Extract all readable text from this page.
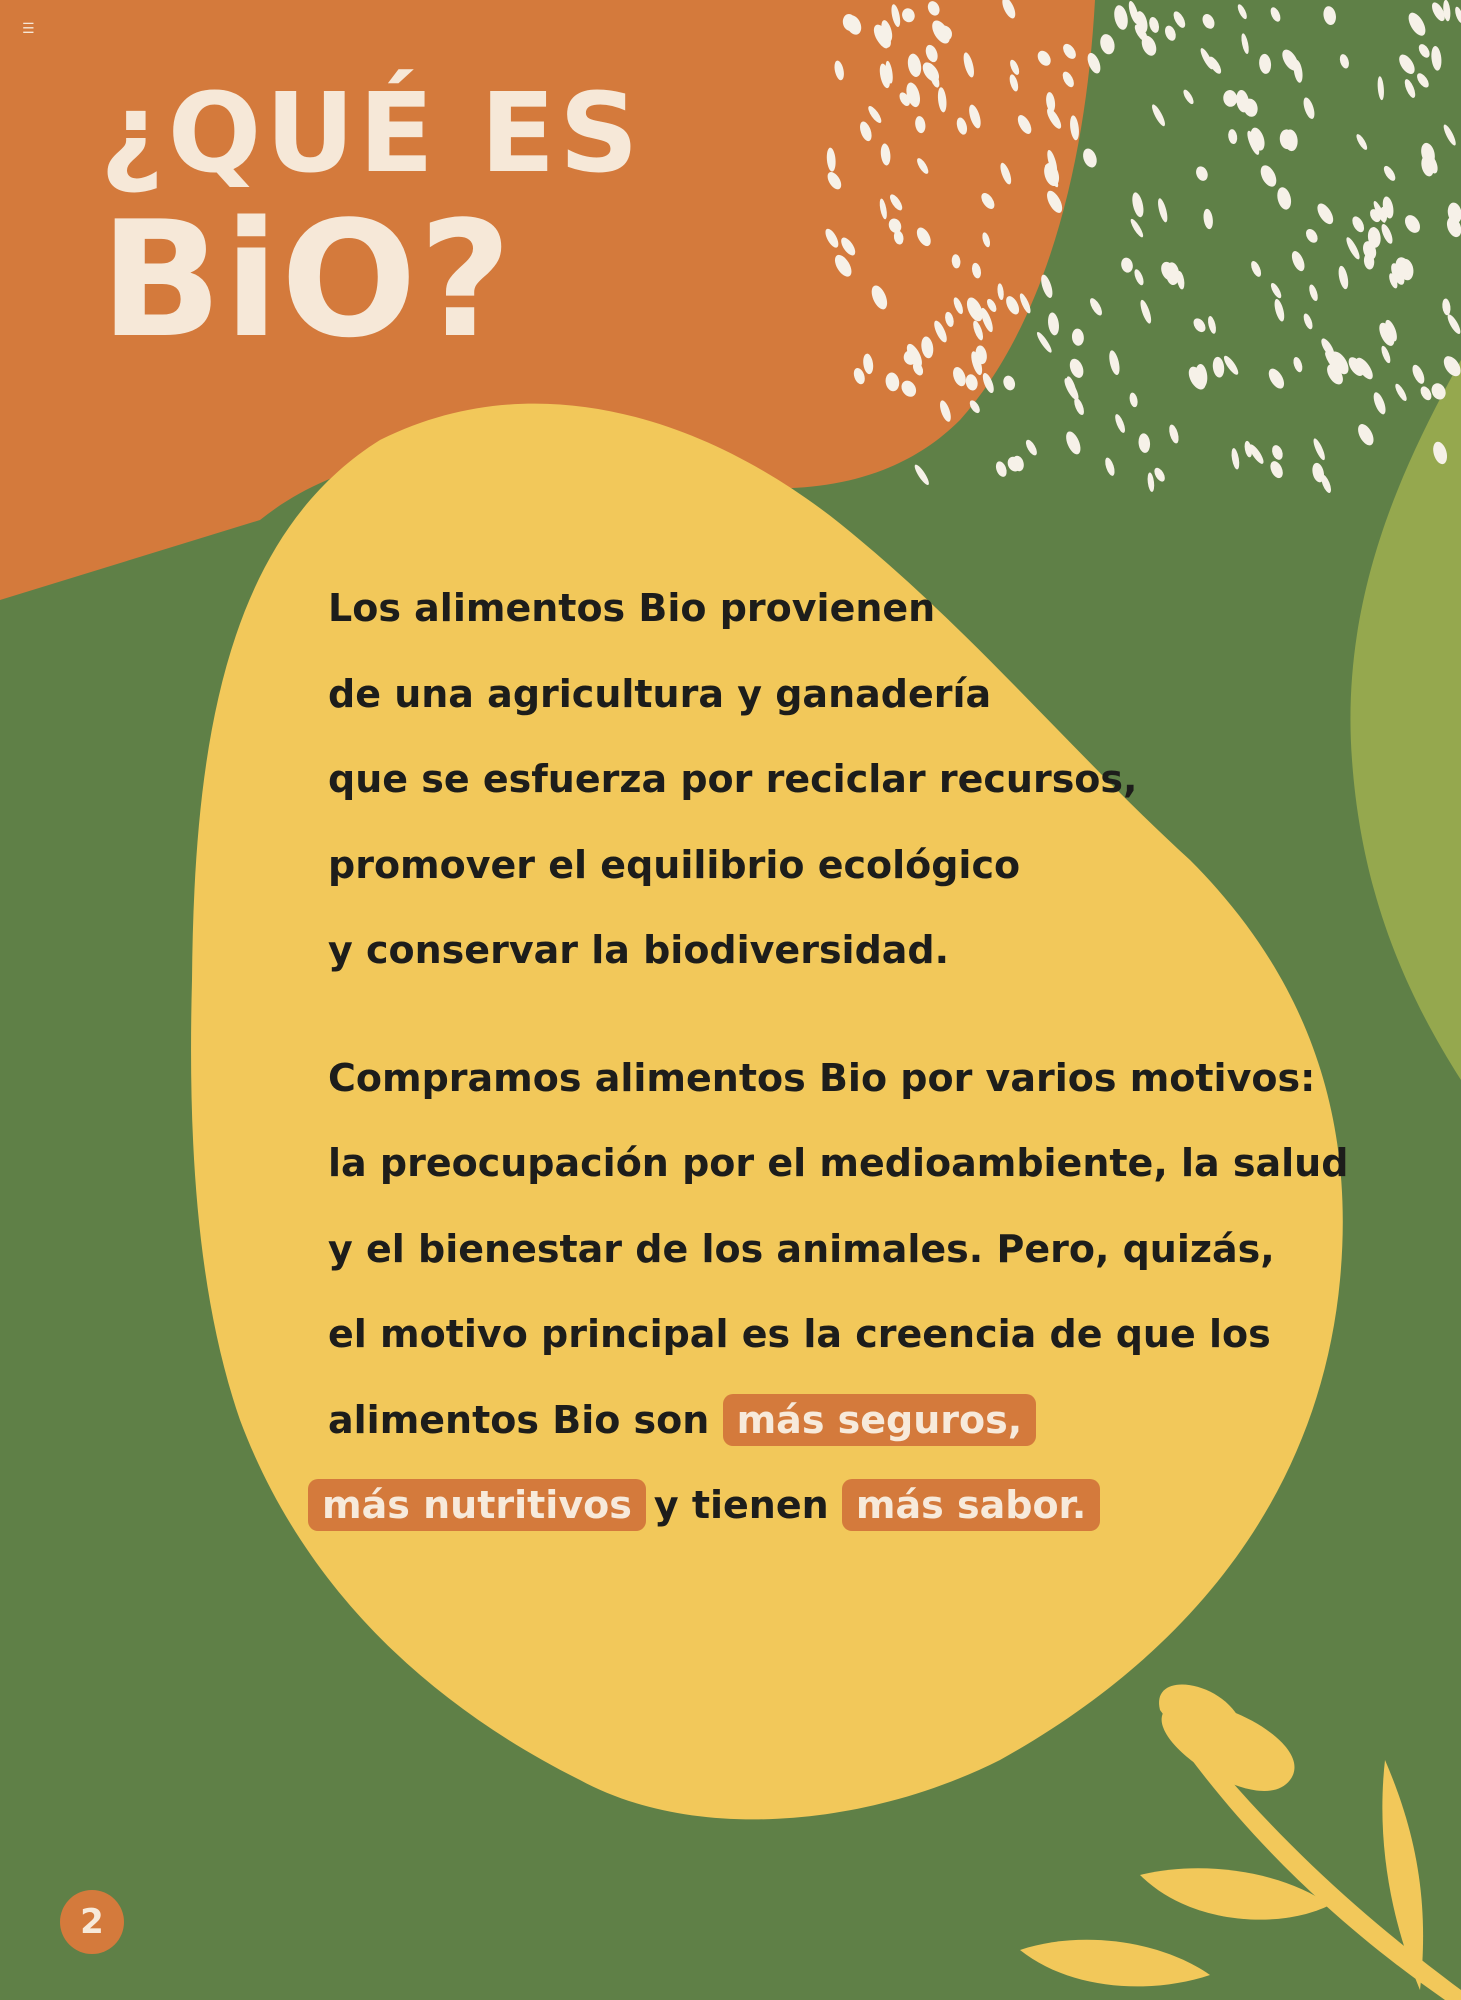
☰
¿QUÉ ES
BiO?
Los alimentos Bio provienen
de una agricultura y ganadería
que se esfuerza por reciclar recursos,
promover el equilibrio ecológico
y conservar la biodiversidad.
Compramos alimentos Bio por varios motivos:
la preocupación por el medioambiente, la salud
y el bienestar de los animales. Pero, quizás,
el motivo principal es la creencia de que los
alimentos Bio son más seguros,
más nutritivos y tienen más sabor.
2
